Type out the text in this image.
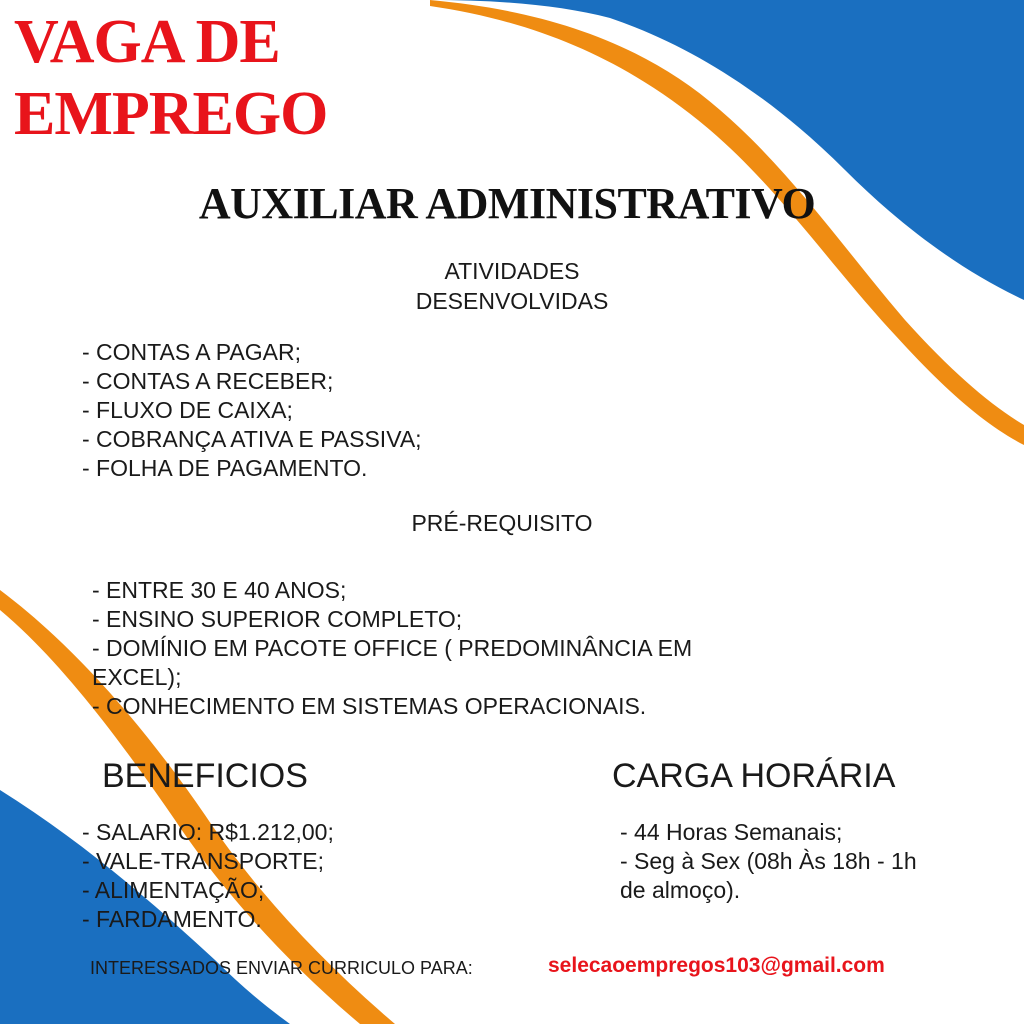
VAGA DE
EMPREGO
AUXILIAR ADMINISTRATIVO
ATIVIDADES
DESENVOLVIDAS
- CONTAS A PAGAR;
- CONTAS A RECEBER;
- FLUXO DE CAIXA;
- COBRANÇA ATIVA E PASSIVA;
- FOLHA DE PAGAMENTO.
PRÉ-REQUISITO
- ENTRE 30 E 40 ANOS;
- ENSINO SUPERIOR COMPLETO;
- DOMÍNIO EM PACOTE OFFICE ( PREDOMINÂNCIA EM
EXCEL);
- CONHECIMENTO EM SISTEMAS OPERACIONAIS.
BENEFICIOS	CARGA HORÁRIA
- SALARIO: R$1.212,00;
- VALE-TRANSPORTE;
- ALIMENTAÇÃO;
- FARDAMENTO.
- 44 Horas Semanais;
- Seg à Sex (08h Às 18h - 1h
de almoço).
INTERESSADOS ENVIAR CURRICULO PARA:	selecaoempregos103@gmail.com
